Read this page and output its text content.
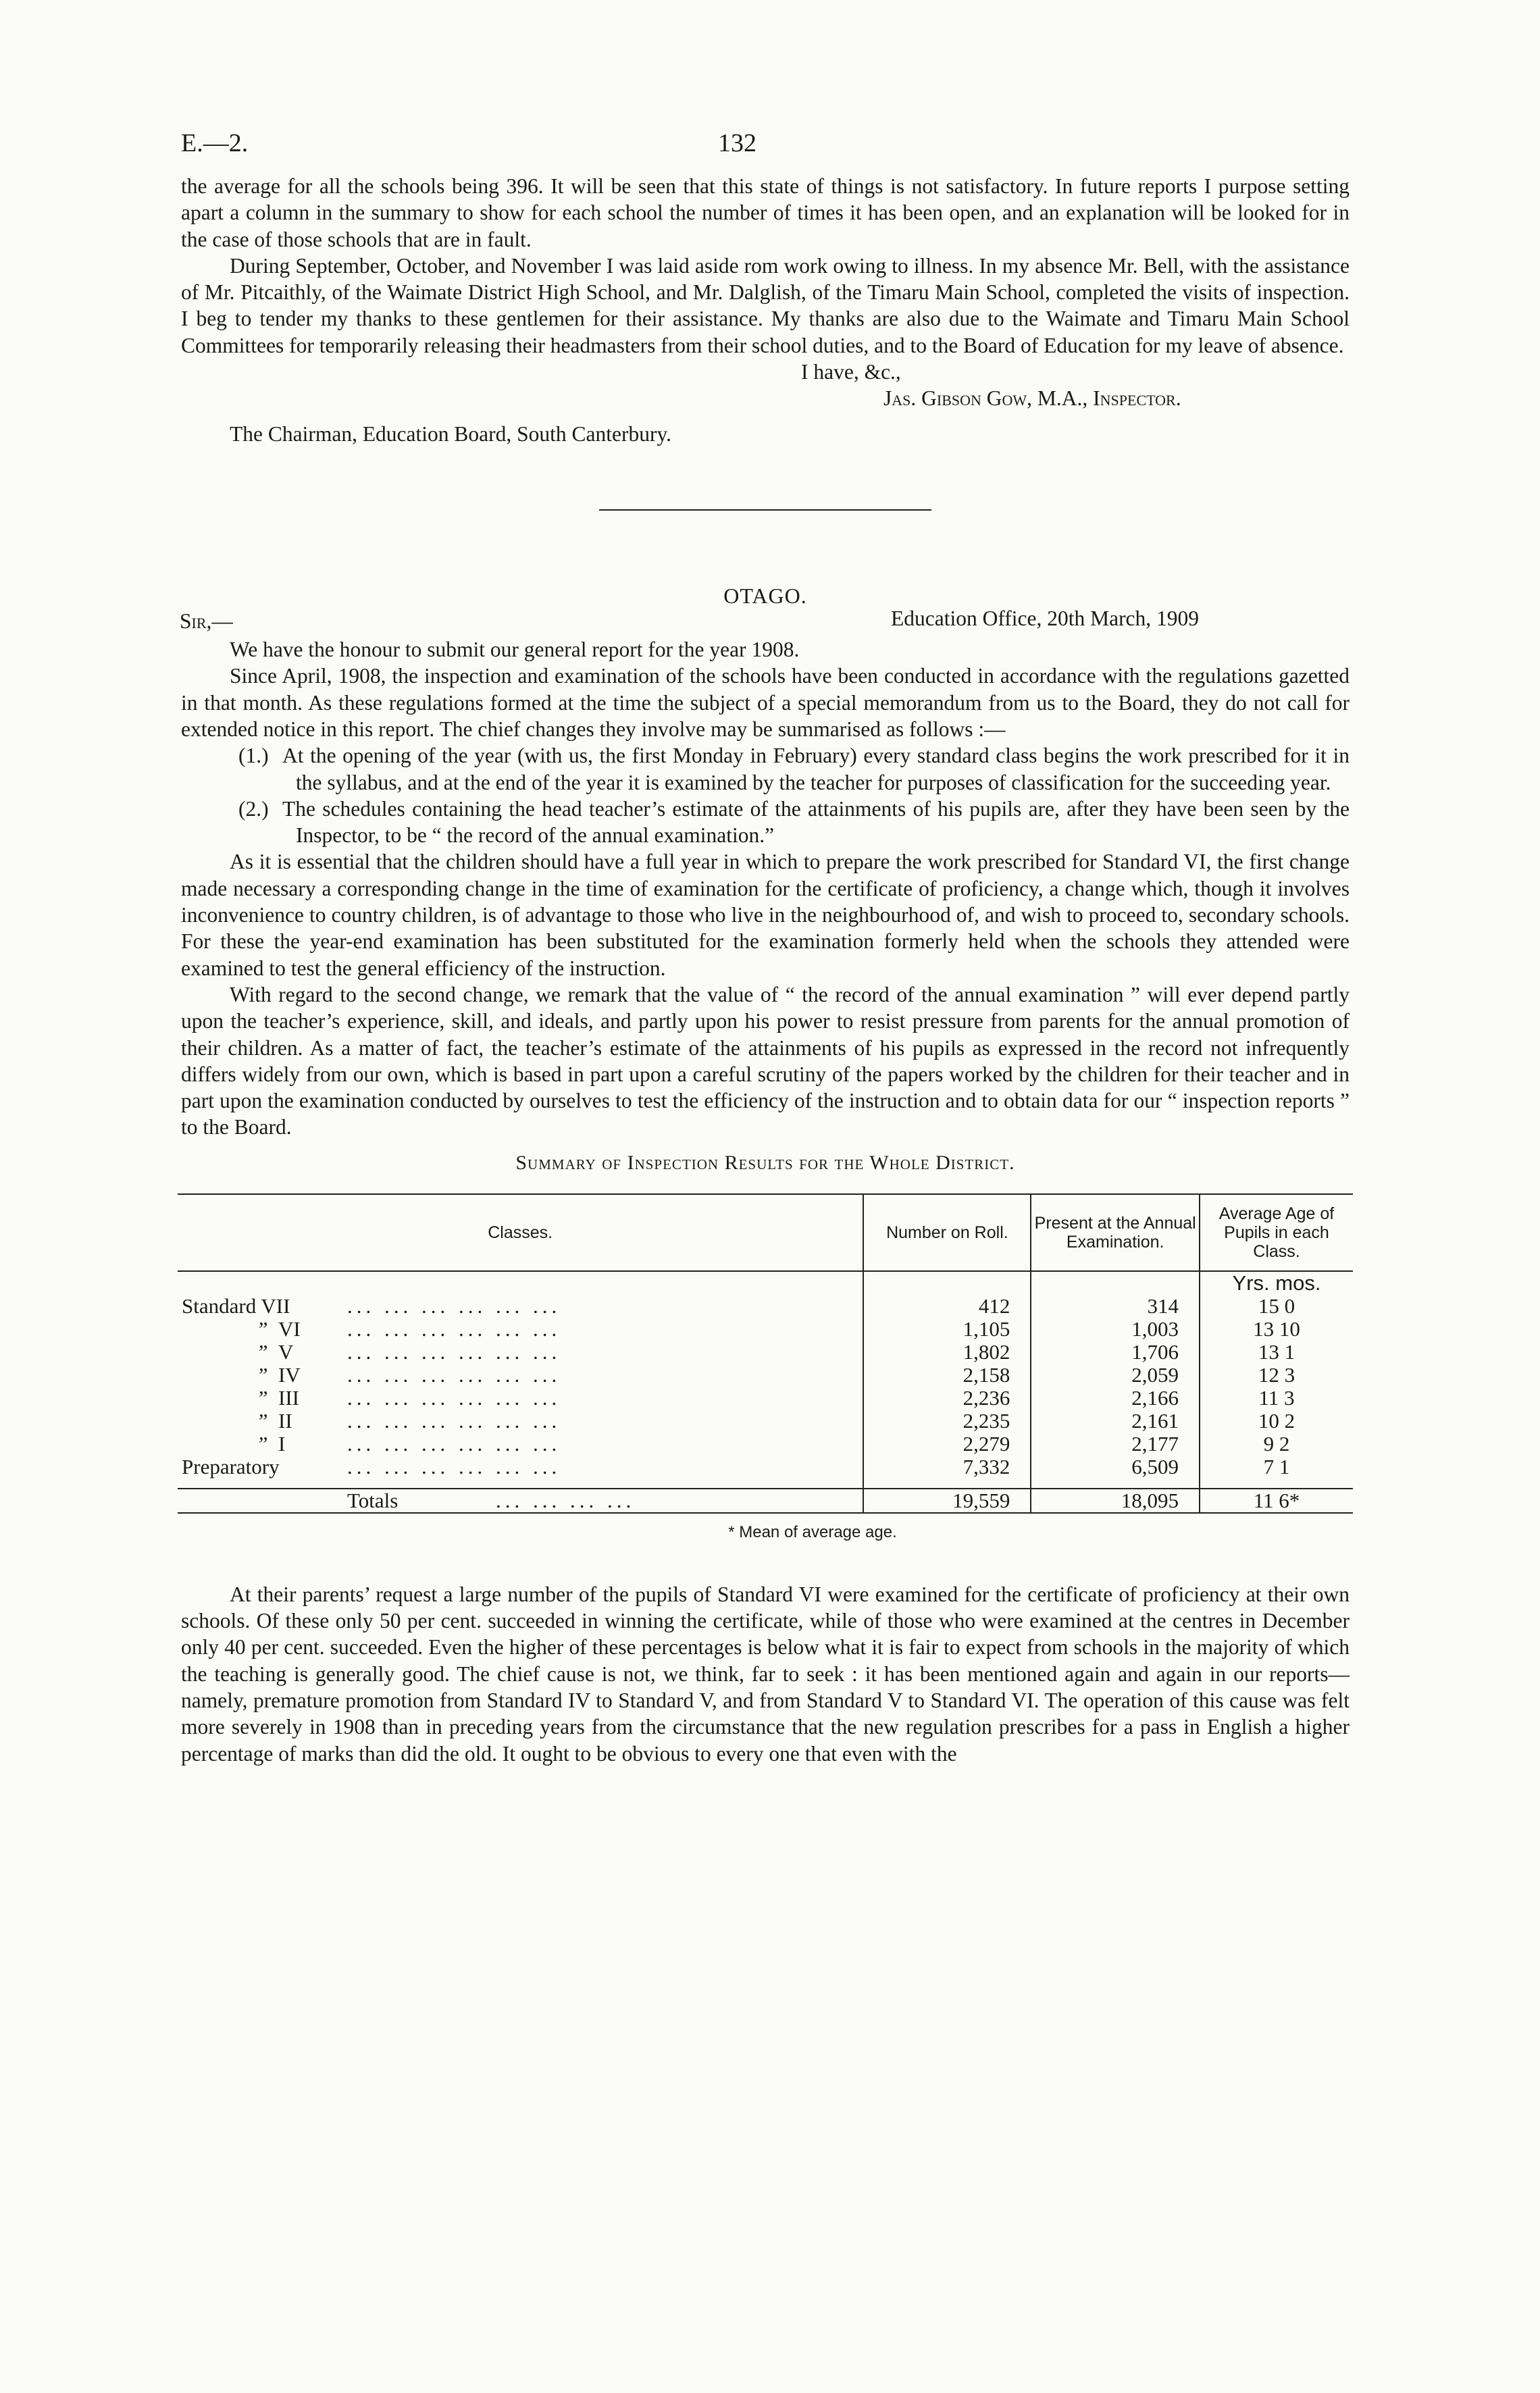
E.—2.	132

the average for all the schools being 396. It will be seen that this state of things is not satisfactory. In future reports I purpose setting apart a column in the summary to show for each school the number of times it has been open, and an explanation will be looked for in the case of those schools that are in fault.

During September, October, and November I was laid aside rom work owing to illness. In my absence Mr. Bell, with the assistance of Mr. Pitcaithly, of the Waimate District High School, and Mr. Dalglish, of the Timaru Main School, completed the visits of inspection. I beg to tender my thanks to these gentlemen for their assistance. My thanks are also due to the Waimate and Timaru Main School Committees for temporarily releasing their headmasters from their school duties, and to the Board of Education for my leave of absence.

I have, &c.,
Jas. Gibson Gow, M.A., Inspector.
The Chairman, Education Board, South Canterbury.
OTAGO.
Sir,—	Education Office, 20th March, 1909

We have the honour to submit our general report for the year 1908.

Since April, 1908, the inspection and examination of the schools have been conducted in accordance with the regulations gazetted in that month. As these regulations formed at the time the subject of a special memorandum from us to the Board, they do not call for extended notice in this report. The chief changes they involve may be summarised as follows :—

(1.) At the opening of the year (with us, the first Monday in February) every standard class begins the work prescribed for it in the syllabus, and at the end of the year it is examined by the teacher for purposes of classification for the succeeding year.
(2.) The schedules containing the head teacher’s estimate of the attainments of his pupils are, after they have been seen by the Inspector, to be “ the record of the annual examination.”

As it is essential that the children should have a full year in which to prepare the work prescribed for Standard VI, the first change made necessary a corresponding change in the time of examination for the certificate of proficiency, a change which, though it involves inconvenience to country children, is of advantage to those who live in the neighbourhood of, and wish to proceed to, secondary schools. For these the year-end examination has been substituted for the examination formerly held when the schools they attended were examined to test the general efficiency of the instruction.

With regard to the second change, we remark that the value of “ the record of the annual examination ” will ever depend partly upon the teacher’s experience, skill, and ideals, and partly upon his power to resist pressure from parents for the annual promotion of their children. As a matter of fact, the teacher’s estimate of the attainments of his pupils as expressed in the record not infrequently differs widely from our own, which is based in part upon a careful scrutiny of the papers worked by the children for their teacher and in part upon the examination conducted by ourselves to test the efficiency of the instruction and to obtain data for our “ inspection reports ” to the Board.

Summary of Inspection Results for the Whole District.
Classes.	Number on Roll.	Present at the Annual Examination.	Average Age of Pupils in each Class.
			Yrs. mos.
Standard VII ... ... ... ... ... ...	412	314	15 0
” VI ... ... ... ... ... ...	1,105	1,003	13 10
” V ... ... ... ... ... ...	1,802	1,706	13 1
” IV ... ... ... ... ... ...	2,158	2,059	12 3
” III ... ... ... ... ... ...	2,236	2,166	11 3
” II ... ... ... ... ... ...	2,235	2,161	10 2
” I ... ... ... ... ... ...	2,279	2,177	9 2
Preparatory ... ... ... ... ... ...	7,332	6,509	7 1

Totals ... ... ... ...	19,559	18,095	11 6*
* Mean of average age.

At their parents’ request a large number of the pupils of Standard VI were examined for the certificate of proficiency at their own schools. Of these only 50 per cent. succeeded in winning the certificate, while of those who were examined at the centres in December only 40 per cent. succeeded. Even the higher of these percentages is below what it is fair to expect from schools in the majority of which the teaching is generally good. The chief cause is not, we think, far to seek : it has been mentioned again and again in our reports—namely, premature promotion from Standard IV to Standard V, and from Standard V to Standard VI. The operation of this cause was felt more severely in 1908 than in preceding years from the circumstance that the new regulation prescribes for a pass in English a higher percentage of marks than did the old. It ought to be obvious to every one that even with the
